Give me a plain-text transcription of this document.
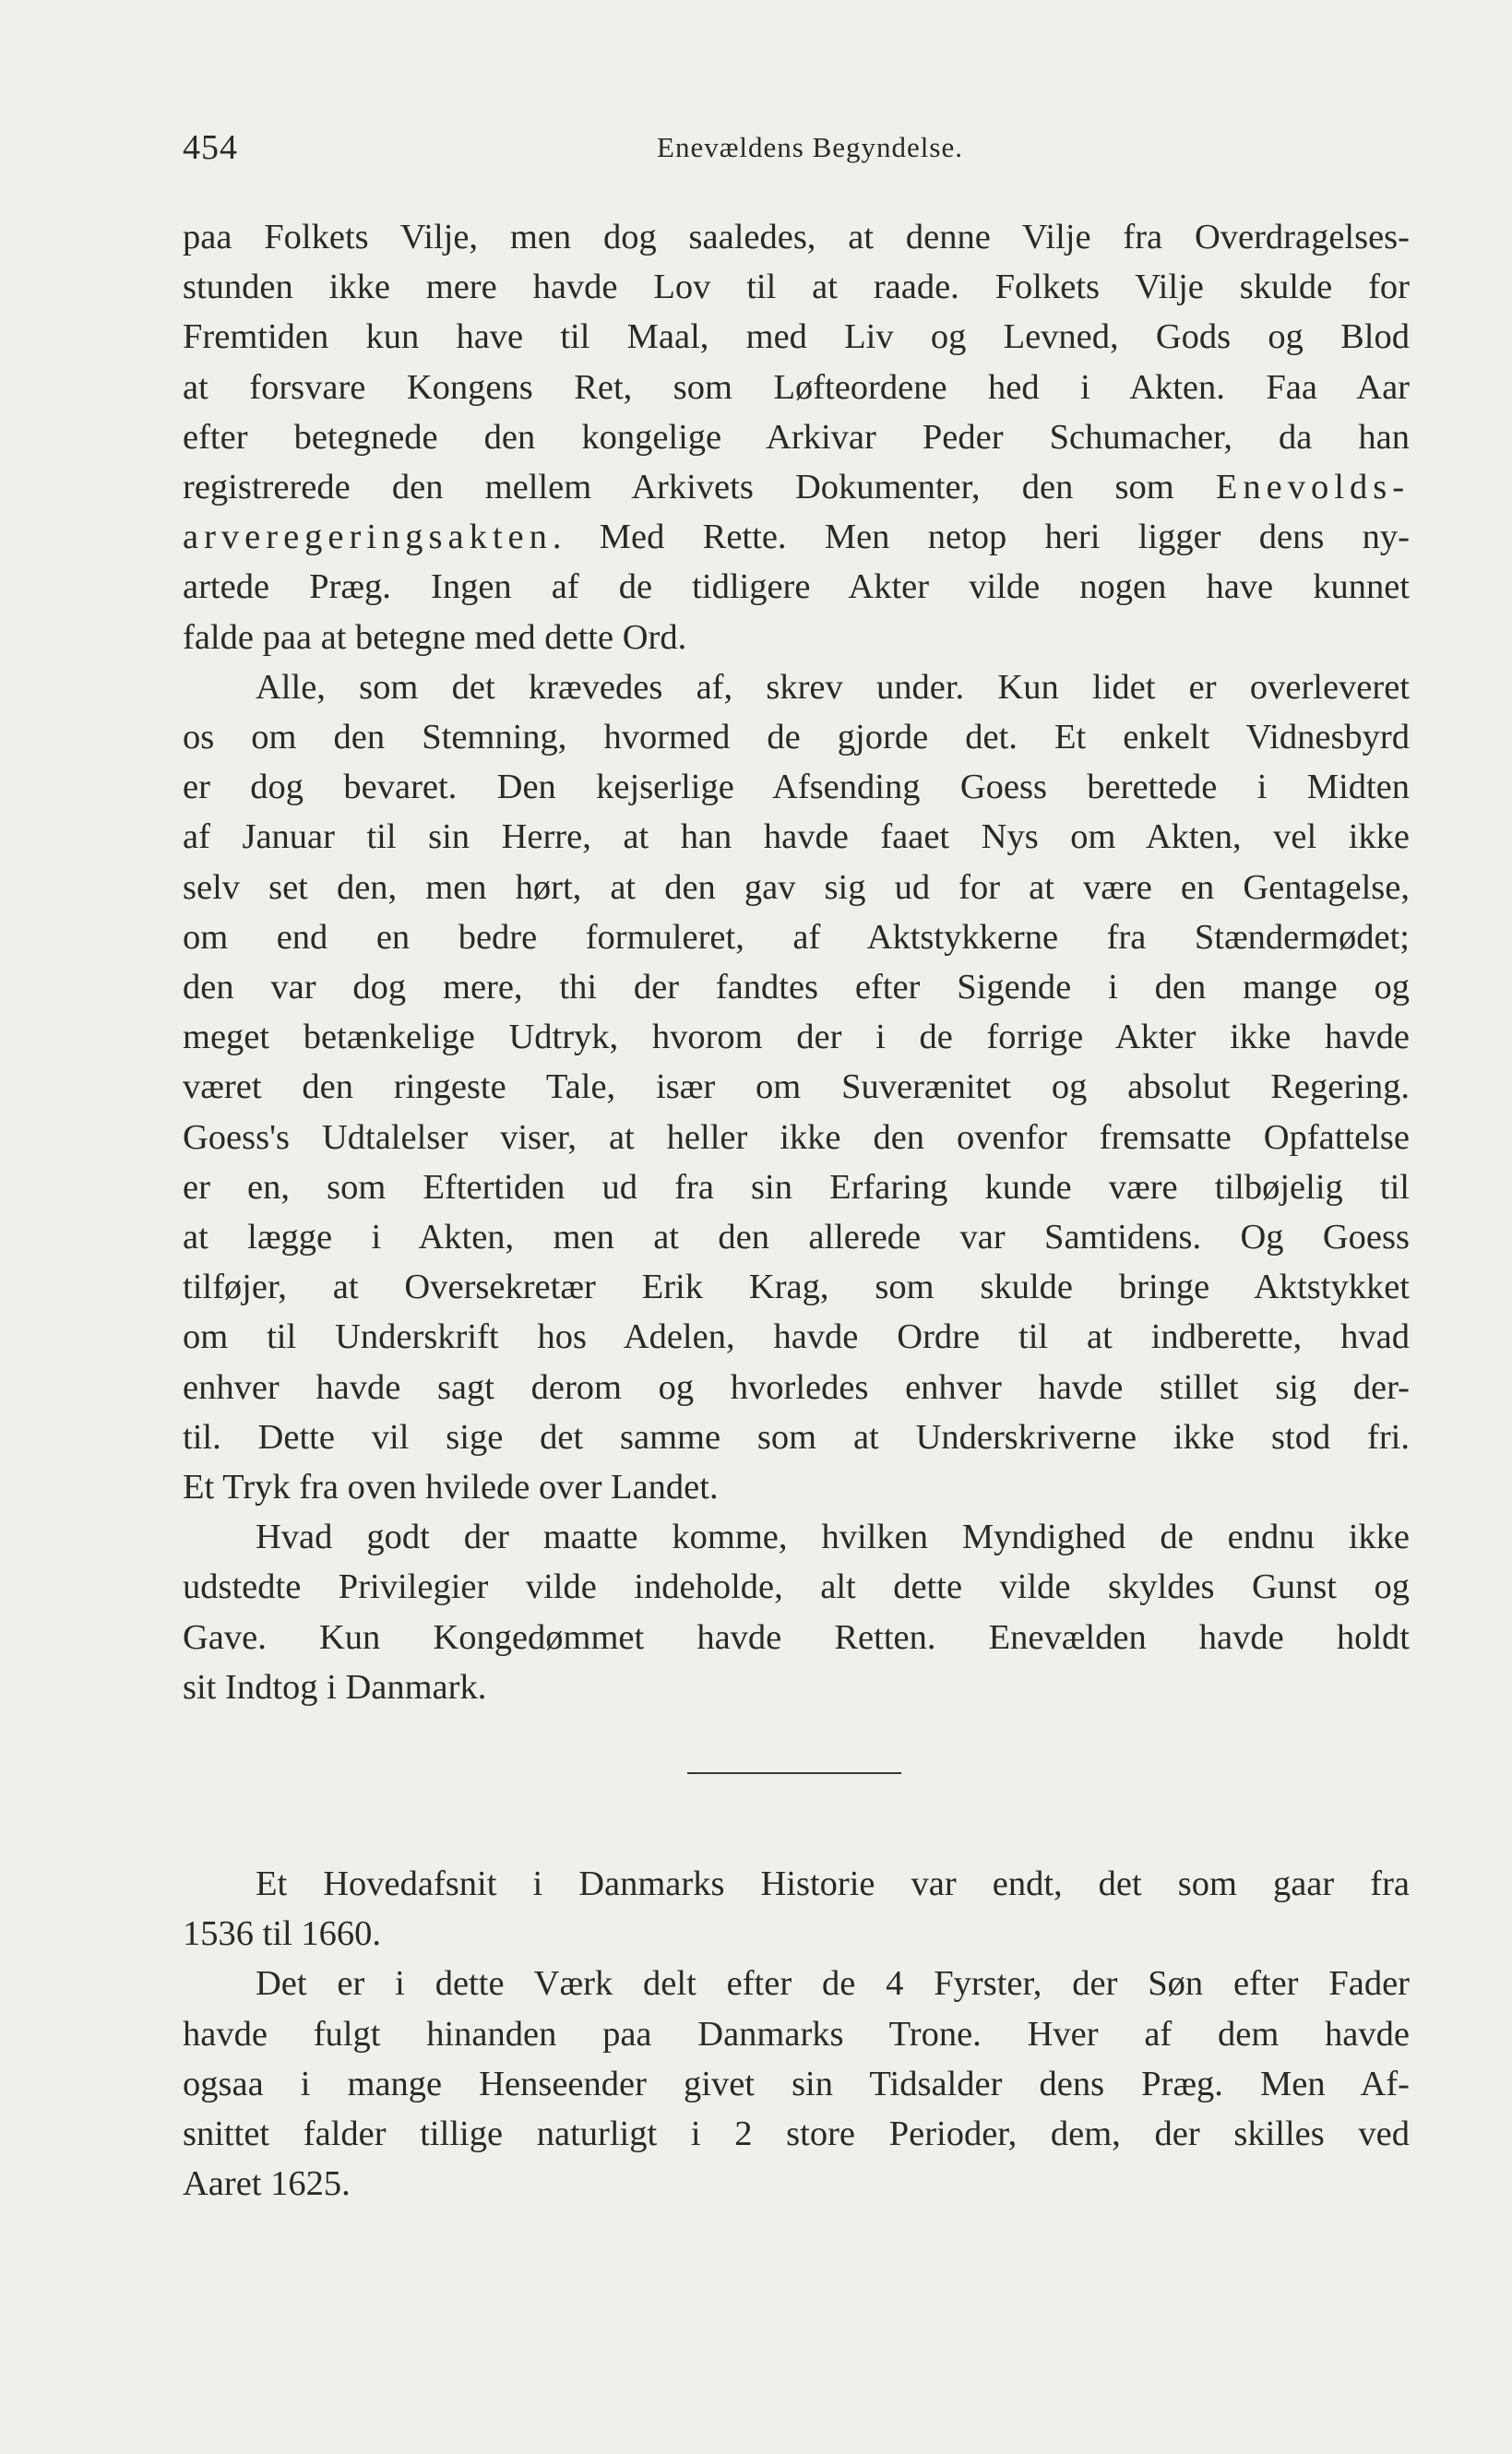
454	Enevældens Begyndelse.
paa Folkets Vilje, men dog saaledes, at denne Vilje fra Overdragelses-
stunden ikke mere havde Lov til at raade. Folkets Vilje skulde for
Fremtiden kun have til Maal, med Liv og Levned, Gods og Blod
at forsvare Kongens Ret, som Løfteordene hed i Akten. Faa Aar
efter betegnede den kongelige Arkivar Peder Schumacher, da han
registrerede den mellem Arkivets Dokumenter, den som Enevolds-
arveregeringsakten. Med Rette. Men netop heri ligger dens ny-
artede Præg. Ingen af de tidligere Akter vilde nogen have kunnet
falde paa at betegne med dette Ord.
Alle, som det krævedes af, skrev under. Kun lidet er overleveret
os om den Stemning, hvormed de gjorde det. Et enkelt Vidnesbyrd
er dog bevaret. Den kejserlige Afsending Goess berettede i Midten
af Januar til sin Herre, at han havde faaet Nys om Akten, vel ikke
selv set den, men hørt, at den gav sig ud for at være en Gentagelse,
om end en bedre formuleret, af Aktstykkerne fra Stændermødet;
den var dog mere, thi der fandtes efter Sigende i den mange og
meget betænkelige Udtryk, hvorom der i de forrige Akter ikke havde
været den ringeste Tale, især om Suverænitet og absolut Regering.
Goess's Udtalelser viser, at heller ikke den ovenfor fremsatte Opfattelse
er en, som Eftertiden ud fra sin Erfaring kunde være tilbøjelig til
at lægge i Akten, men at den allerede var Samtidens. Og Goess
tilføjer, at Oversekretær Erik Krag, som skulde bringe Aktstykket
om til Underskrift hos Adelen, havde Ordre til at indberette, hvad
enhver havde sagt derom og hvorledes enhver havde stillet sig der-
til. Dette vil sige det samme som at Underskriverne ikke stod fri.
Et Tryk fra oven hvilede over Landet.
Hvad godt der maatte komme, hvilken Myndighed de endnu ikke
udstedte Privilegier vilde indeholde, alt dette vilde skyldes Gunst og
Gave. Kun Kongedømmet havde Retten. Enevælden havde holdt
sit Indtog i Danmark.
Et Hovedafsnit i Danmarks Historie var endt, det som gaar fra
1536 til 1660.
Det er i dette Værk delt efter de 4 Fyrster, der Søn efter Fader
havde fulgt hinanden paa Danmarks Trone. Hver af dem havde
ogsaa i mange Henseender givet sin Tidsalder dens Præg. Men Af-
snittet falder tillige naturligt i 2 store Perioder, dem, der skilles ved
Aaret 1625.
